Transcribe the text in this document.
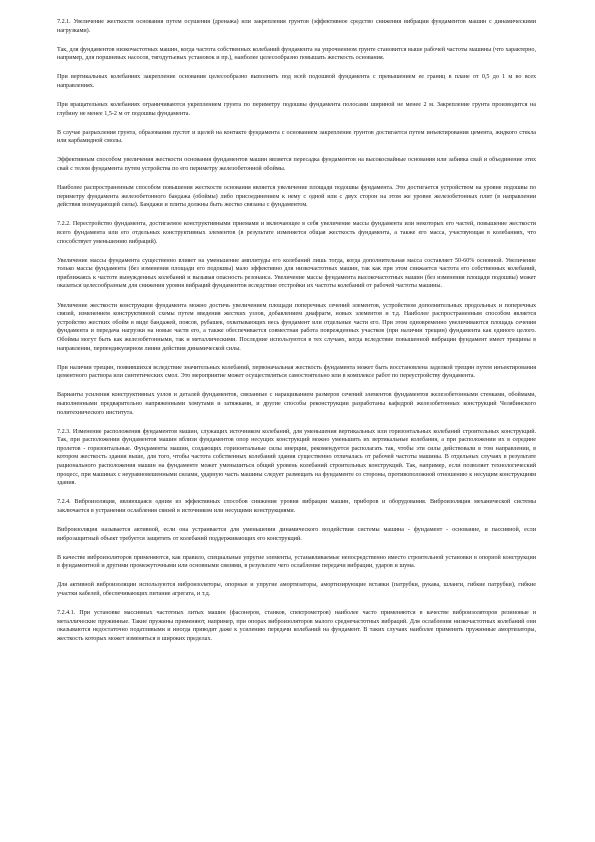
7.2.1. Увеличение жесткости основания путем осушения (дренажа) или закрепления грунтов (эффективное средство снижения вибрации фундаментов машин с динамическими нагрузками).

Так, для фундаментов низкочастотных машин, когда частота собственных колебаний фундамента на упрочненном грунте становится выше рабочей частоты машины (что характерно, например, для поршневых насосов, тягодутьевых установок и пр.), наиболее целесообразно повышать жесткость основания.

При вертикальных колебаниях закрепление основания целесообразно выполнять под всей подошвой фундамента с превышением ее границ в плане от 0,5 до 1 м во всех направлениях.

При вращательных колебаниях ограничиваются укреплением грунта по периметру подошвы фундамента полосами шириной не менее 2 м. Закрепление грунта производится на глубину не менее 1,5-2 м от подошвы фундамента.

В случае разрыхления грунта, образования пустот и щелей на контакте фундамента с основанием закрепление грунтов достигается путем инъектирования цемента, жидкого стекла или карбамидной смолы.

Эффективным способом увеличения жесткости основания фундаментов машин является пересадка фундаментов на высокосвайные основания или забивка свай и объединение этих свай с телом фундамента путем устройства по его периметру железобетонной обоймы.

Наиболее распространенным способом повышения жесткости основания является увеличение площади подошвы фундамента. Это достигается устройством на уровне подошвы по периметру фундамента железобетонного бандажа (обоймы) либо присоединением к нему с одной или с двух сторон на этом же уровне железобетонных плит (в направлении действия возмущающей силы). Бандажи и плиты должны быть жестко связаны с фундаментом.

7.2.2. Перестройство фундамента, достигаемое конструктивными приемами и включающее в себя увеличение массы фундамента или некоторых его частей, повышение жесткости всего фундамента или его отдельных конструктивных элементов (в результате изменяется общая жесткость фундамента, а также его масса, участвующая в колебаниях, что способствует уменьшению вибраций).

Увеличение массы фундамента существенно влияет на уменьшение амплитуды его колебаний лишь тогда, когда дополнительная масса составляет 50-60% основной. Увеличение только массы фундамента (без изменения площади его подошвы) мало эффективно для низкочастотных машин, так как при этом снижается частота его собственных колебаний, приближаясь к частоте вынужденных колебаний и вызывая опасность резонанса. Увеличение массы фундамента высокочастотных машин (без изменения площади подошвы) может оказаться целесообразным для снижения уровня вибраций фундаментов вследствие отстройки их частоты колебаний от рабочей частоты машины.

Увеличение жесткости конструкции фундамента можно достичь увеличением площади поперечных сечений элементов, устройством дополнительных продольных и поперечных связей, изменением конструктивной схемы путем введения жестких узлов, добавлением диафрагм, новых элементов и т.д. Наиболее распространенным способом является устройство жестких обойм в виде бандажей, поясов, рубашек, охватывающих весь фундамент или отдельные части его. При этом одновременно увеличиваются площадь сечения фундамента и передача нагрузки на новые части его, а также обеспечивается совместная работа поврежденных участков (при наличии трещин) фундамента как единого целого. Обоймы могут быть как железобетонными, так и металлическими. Последние используются в тех случаях, когда вследствие повышенной вибрации фундамент имеет трещины в направлении, перпендикулярном линии действия динамической силы.

При наличии трещин, появившихся вследствие значительных колебаний, первоначальная жесткость фундамента может быть восстановлена заделкой трещин путем инъектирования цементного раствора или синтетических смол. Это мероприятие может осуществляться самостоятельно или в комплексе работ по переустройству фундамента.

Варианты усиления конструктивных узлов и деталей фундаментов, связанные с наращиванием размеров сечений элементов фундаментов железобетонными стенками, обоймами, выполненными предварительно напряженными хомутами и затяжками, и другие способы реконструкции разработаны кафедрой железобетонных конструкций Челябинского политехнического института.

7.2.3. Изменение расположения фундаментов машин, служащих источником колебаний, для уменьшения вертикальных или горизонтальных колебаний строительных конструкций. Так, при расположении фундаментов машин вблизи фундаментов опор несущих конструкций можно уменьшить их вертикальные колебания, а при расположении их в середине пролетов - горизонтальные. Фундаменты машин, создающих горизонтальные силы инерции, рекомендуется располагать так, чтобы эти силы действовали в том направлении, в котором жесткость здания выше, для того, чтобы частота собственных колебаний здания существенно отличалась от рабочей частоты машины. В отдельных случаях в результате рационального расположения машин на фундаменте может уменьшиться общий уровень колебаний строительных конструкций. Так, например, если позволяет технологический процесс, при машинах с неуравновешенными силами, ударную часть машины следует размещать на фундаменте со стороны, противоположной отношению к несущим конструкциям здания.

7.2.4. Виброизоляция, являющаяся одним из эффективных способов снижения уровня вибрации машин, приборов и оборудования. Виброизоляция механической системы заключается в устранении ослабления связей в источником или несущими конструкциями.

Виброизоляция называется активной, если она устраивается для уменьшения динамического воздействия системы машина - фундамент - основание, и пассивной, если виброзащитный объект требуется защитить от колебаний поддерживающих его конструкций.

В качестве виброизоляторов применяются, как правило, специальные упругие элементы, устанавливаемые непосредственно вместо строительной установки в опорной конструкции в фундаментной и другими промежуточными или основными связями, в результате чего ослабление передачи вибрации, ударов и шума.

Для активной виброизоляции используются виброизоляторы, опорные и упругие амортизаторы, амортизирующие вставки (патрубки, рукава, шланги, гибкие патрубки), гибкие участки кабелей, обеспечивающих питание агрегата, и т.д.

7.2.4.1. При установке массивных частотных литых машин (фасонеров, станков, спектрометров) наиболее часто применяются в качестве виброизоляторов резиновые и металлические пружинные. Такие пружины применяют, например, при опорах виброизоляторов малого среднечастотных вибраций. Для ослабления низкочастотных колебаний они оказываются недостаточно податливыми и иногда приводят даже к усилению передачи колебаний на фундамент. В таких случаях наиболее применять пружинные амортизаторы, жесткость которых может изменяться в широких пределах.
